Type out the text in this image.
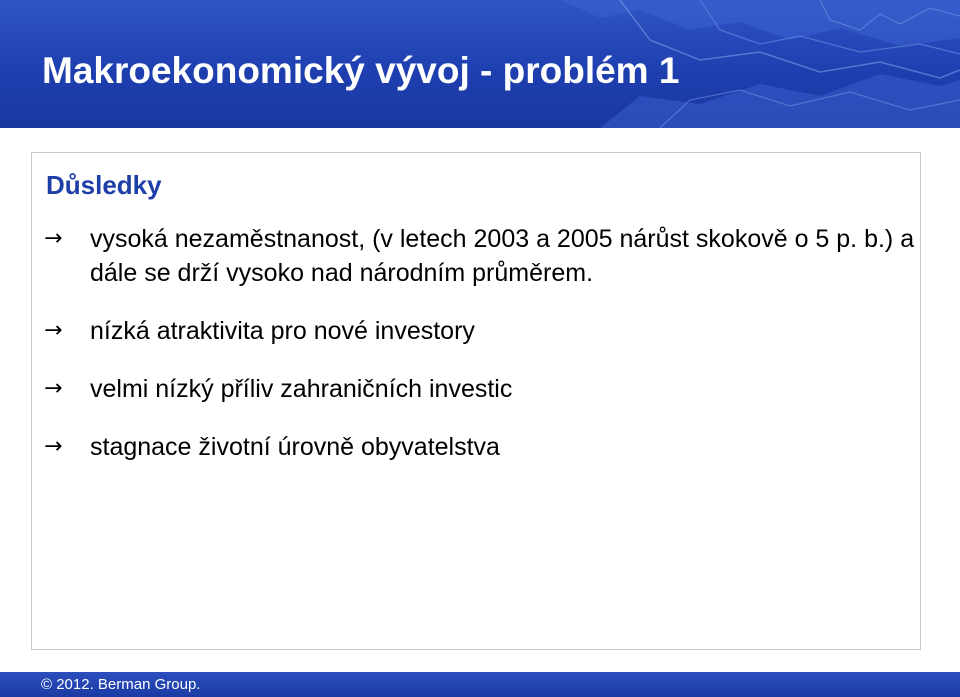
Makroekonomický vývoj - problém 1
Důsledky
→	vysoká nezaměstnanost, (v letech 2003 a 2005 nárůst skokově o 5 p. b.) a dále se drží vysoko nad národním průměrem.
→	nízká atraktivita pro nové investory
→	velmi nízký příliv zahraničních investic
→	stagnace životní úrovně obyvatelstva
© 2012. Berman Group.
